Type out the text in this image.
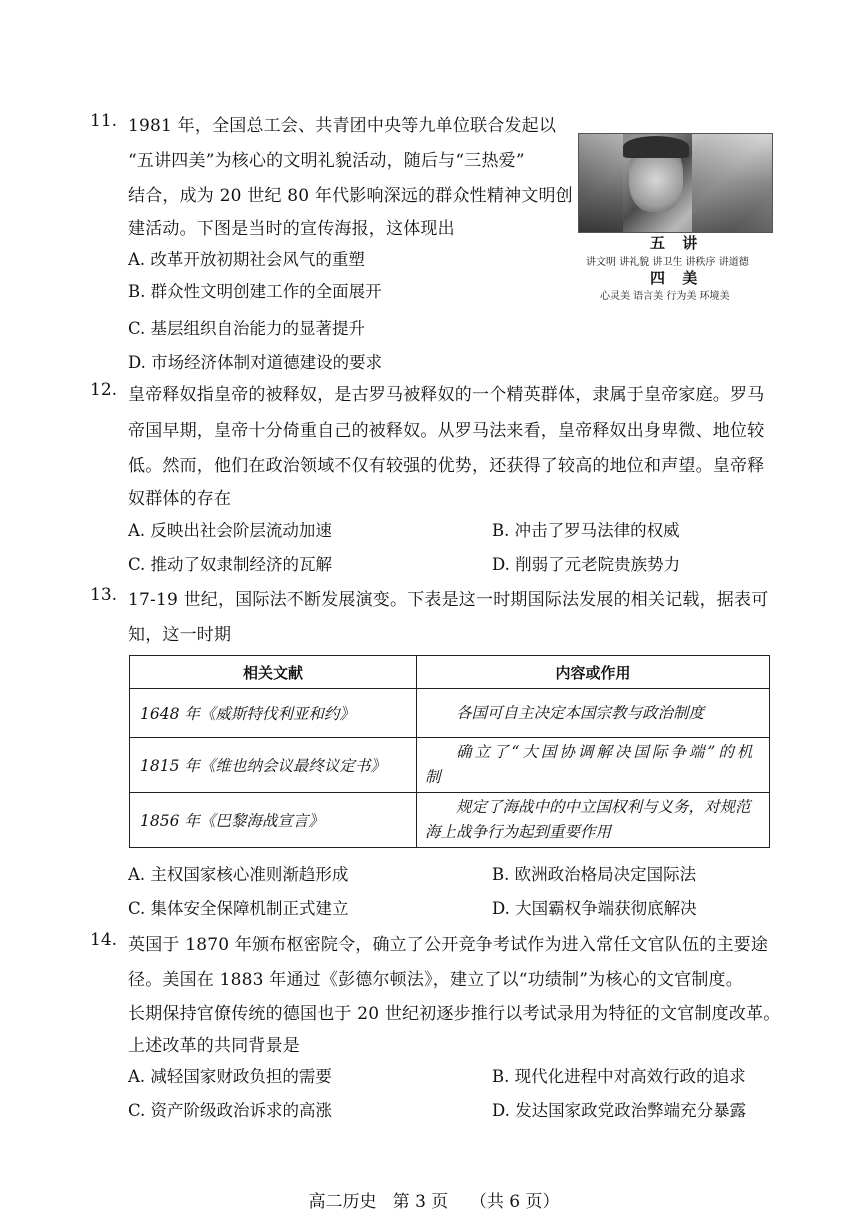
11. 1981 年，全国总工会、共青团中央等九单位联合发起以
“五讲四美”为核心的文明礼貌活动，随后与“三热爱”
结合，成为 20 世纪 80 年代影响深远的群众性精神文明创
建活动。下图是当时的宣传海报，这体现出
A. 改革开放初期社会风气的重塑
B. 群众性文明创建工作的全面展开
C. 基层组织自治能力的显著提升
D. 市场经济体制对道德建设的要求
五 讲
讲文明 讲礼貌 讲卫生 讲秩序 讲道德
四 美
心灵美 语言美 行为美 环境美
12. 皇帝释奴指皇帝的被释奴，是古罗马被释奴的一个精英群体，隶属于皇帝家庭。罗马
帝国早期，皇帝十分倚重自己的被释奴。从罗马法来看，皇帝释奴出身卑微、地位较
低。然而，他们在政治领域不仅有较强的优势，还获得了较高的地位和声望。皇帝释
奴群体的存在
A. 反映出社会阶层流动加速	B. 冲击了罗马法律的权威
C. 推动了奴隶制经济的瓦解	D. 削弱了元老院贵族势力
13. 17-19 世纪，国际法不断发展演变。下表是这一时期国际法发展的相关记载，据表可
知，这一时期
相关文献	内容或作用
1648 年《威斯特伐利亚和约》	各国可自主决定本国宗教与政治制度
1815 年《维也纳会议最终议定书》	确立了“大国协调解决国际争端”的机制
1856 年《巴黎海战宣言》	规定了海战中的中立国权利与义务，对规范海上战争行为起到重要作用
A. 主权国家核心准则渐趋形成	B. 欧洲政治格局决定国际法
C. 集体安全保障机制正式建立	D. 大国霸权争端获彻底解决
14. 英国于 1870 年颁布枢密院令，确立了公开竞争考试作为进入常任文官队伍的主要途
径。美国在 1883 年通过《彭德尔顿法》，建立了以“功绩制”为核心的文官制度。
长期保持官僚传统的德国也于 20 世纪初逐步推行以考试录用为特征的文官制度改革。
上述改革的共同背景是
A. 减轻国家财政负担的需要	B. 现代化进程中对高效行政的追求
C. 资产阶级政治诉求的高涨	D. 发达国家政党政治弊端充分暴露
高二历史   第 3 页    （共 6 页）
